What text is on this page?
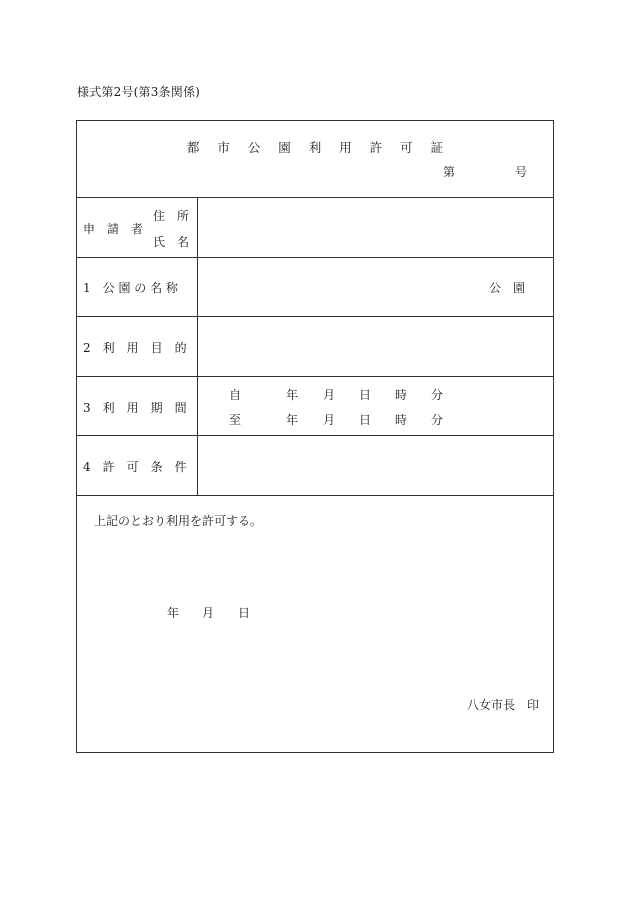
様式第2号(第3条関係)
都 市 公 園 利 用 許 可 証
第	号
住　所
申　請　者
氏　名
1　公 園 の 名 称	公　園
2　利　用　目　的
3　利　用　期　間
自	年 月 日 時 分
至	年 月 日 時 分
4　許　可　条　件
上記のとおり利用を許可する。
年 月 日
八女市長　印
